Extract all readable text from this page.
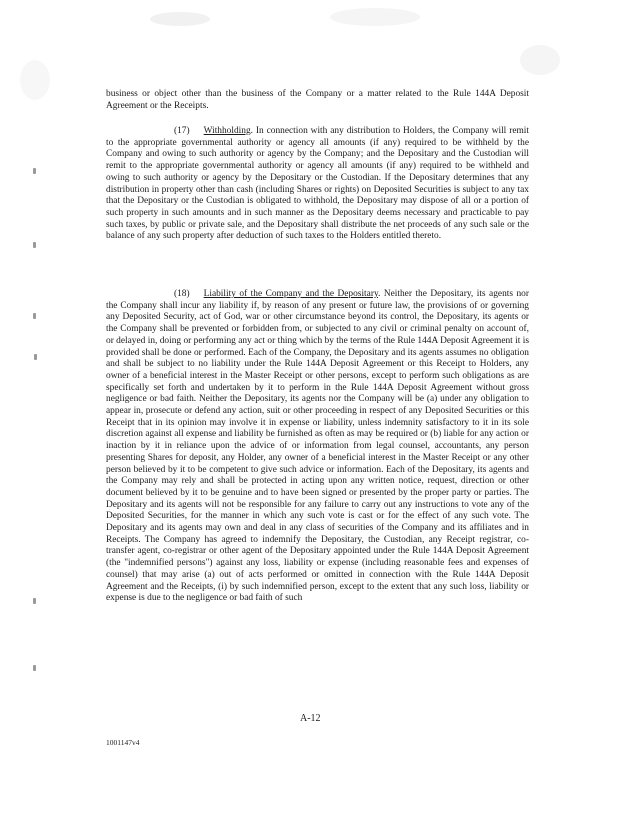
business or object other than the business of the Company or a matter related to the Rule 144A Deposit Agreement or the Receipts.

(17) Withholding. In connection with any distribution to Holders, the Company will remit to the appropriate governmental authority or agency all amounts (if any) required to be withheld by the Company and owing to such authority or agency by the Company; and the Depositary and the Custodian will remit to the appropriate governmental authority or agency all amounts (if any) required to be withheld and owing to such authority or agency by the Depositary or the Custodian. If the Depositary determines that any distribution in property other than cash (including Shares or rights) on Deposited Securities is subject to any tax that the Depositary or the Custodian is obligated to withhold, the Depositary may dispose of all or a portion of such property in such amounts and in such manner as the Depositary deems necessary and practicable to pay such taxes, by public or private sale, and the Depositary shall distribute the net proceeds of any such sale or the balance of any such property after deduction of such taxes to the Holders entitled thereto.

(18) Liability of the Company and the Depositary. Neither the Depositary, its agents nor the Company shall incur any liability if, by reason of any present or future law, the provisions of or governing any Deposited Security, act of God, war or other circumstance beyond its control, the Depositary, its agents or the Company shall be prevented or forbidden from, or subjected to any civil or criminal penalty on account of, or delayed in, doing or performing any act or thing which by the terms of the Rule 144A Deposit Agreement it is provided shall be done or performed. Each of the Company, the Depositary and its agents assumes no obligation and shall be subject to no liability under the Rule 144A Deposit Agreement or this Receipt to Holders, any owner of a beneficial interest in the Master Receipt or other persons, except to perform such obligations as are specifically set forth and undertaken by it to perform in the Rule 144A Deposit Agreement without gross negligence or bad faith. Neither the Depositary, its agents nor the Company will be (a) under any obligation to appear in, prosecute or defend any action, suit or other proceeding in respect of any Deposited Securities or this Receipt that in its opinion may involve it in expense or liability, unless indemnity satisfactory to it in its sole discretion against all expense and liability be furnished as often as may be required or (b) liable for any action or inaction by it in reliance upon the advice of or information from legal counsel, accountants, any person presenting Shares for deposit, any Holder, any owner of a beneficial interest in the Master Receipt or any other person believed by it to be competent to give such advice or information. Each of the Depositary, its agents and the Company may rely and shall be protected in acting upon any written notice, request, direction or other document believed by it to be genuine and to have been signed or presented by the proper party or parties. The Depositary and its agents will not be responsible for any failure to carry out any instructions to vote any of the Deposited Securities, for the manner in which any such vote is cast or for the effect of any such vote. The Depositary and its agents may own and deal in any class of securities of the Company and its affiliates and in Receipts. The Company has agreed to indemnify the Depositary, the Custodian, any Receipt registrar, co-transfer agent, co-registrar or other agent of the Depositary appointed under the Rule 144A Deposit Agreement (the "indemnified persons") against any loss, liability or expense (including reasonable fees and expenses of counsel) that may arise (a) out of acts performed or omitted in connection with the Rule 144A Deposit Agreement and the Receipts, (i) by such indemnified person, except to the extent that any such loss, liability or expense is due to the negligence or bad faith of such

A-12
1001147v4
